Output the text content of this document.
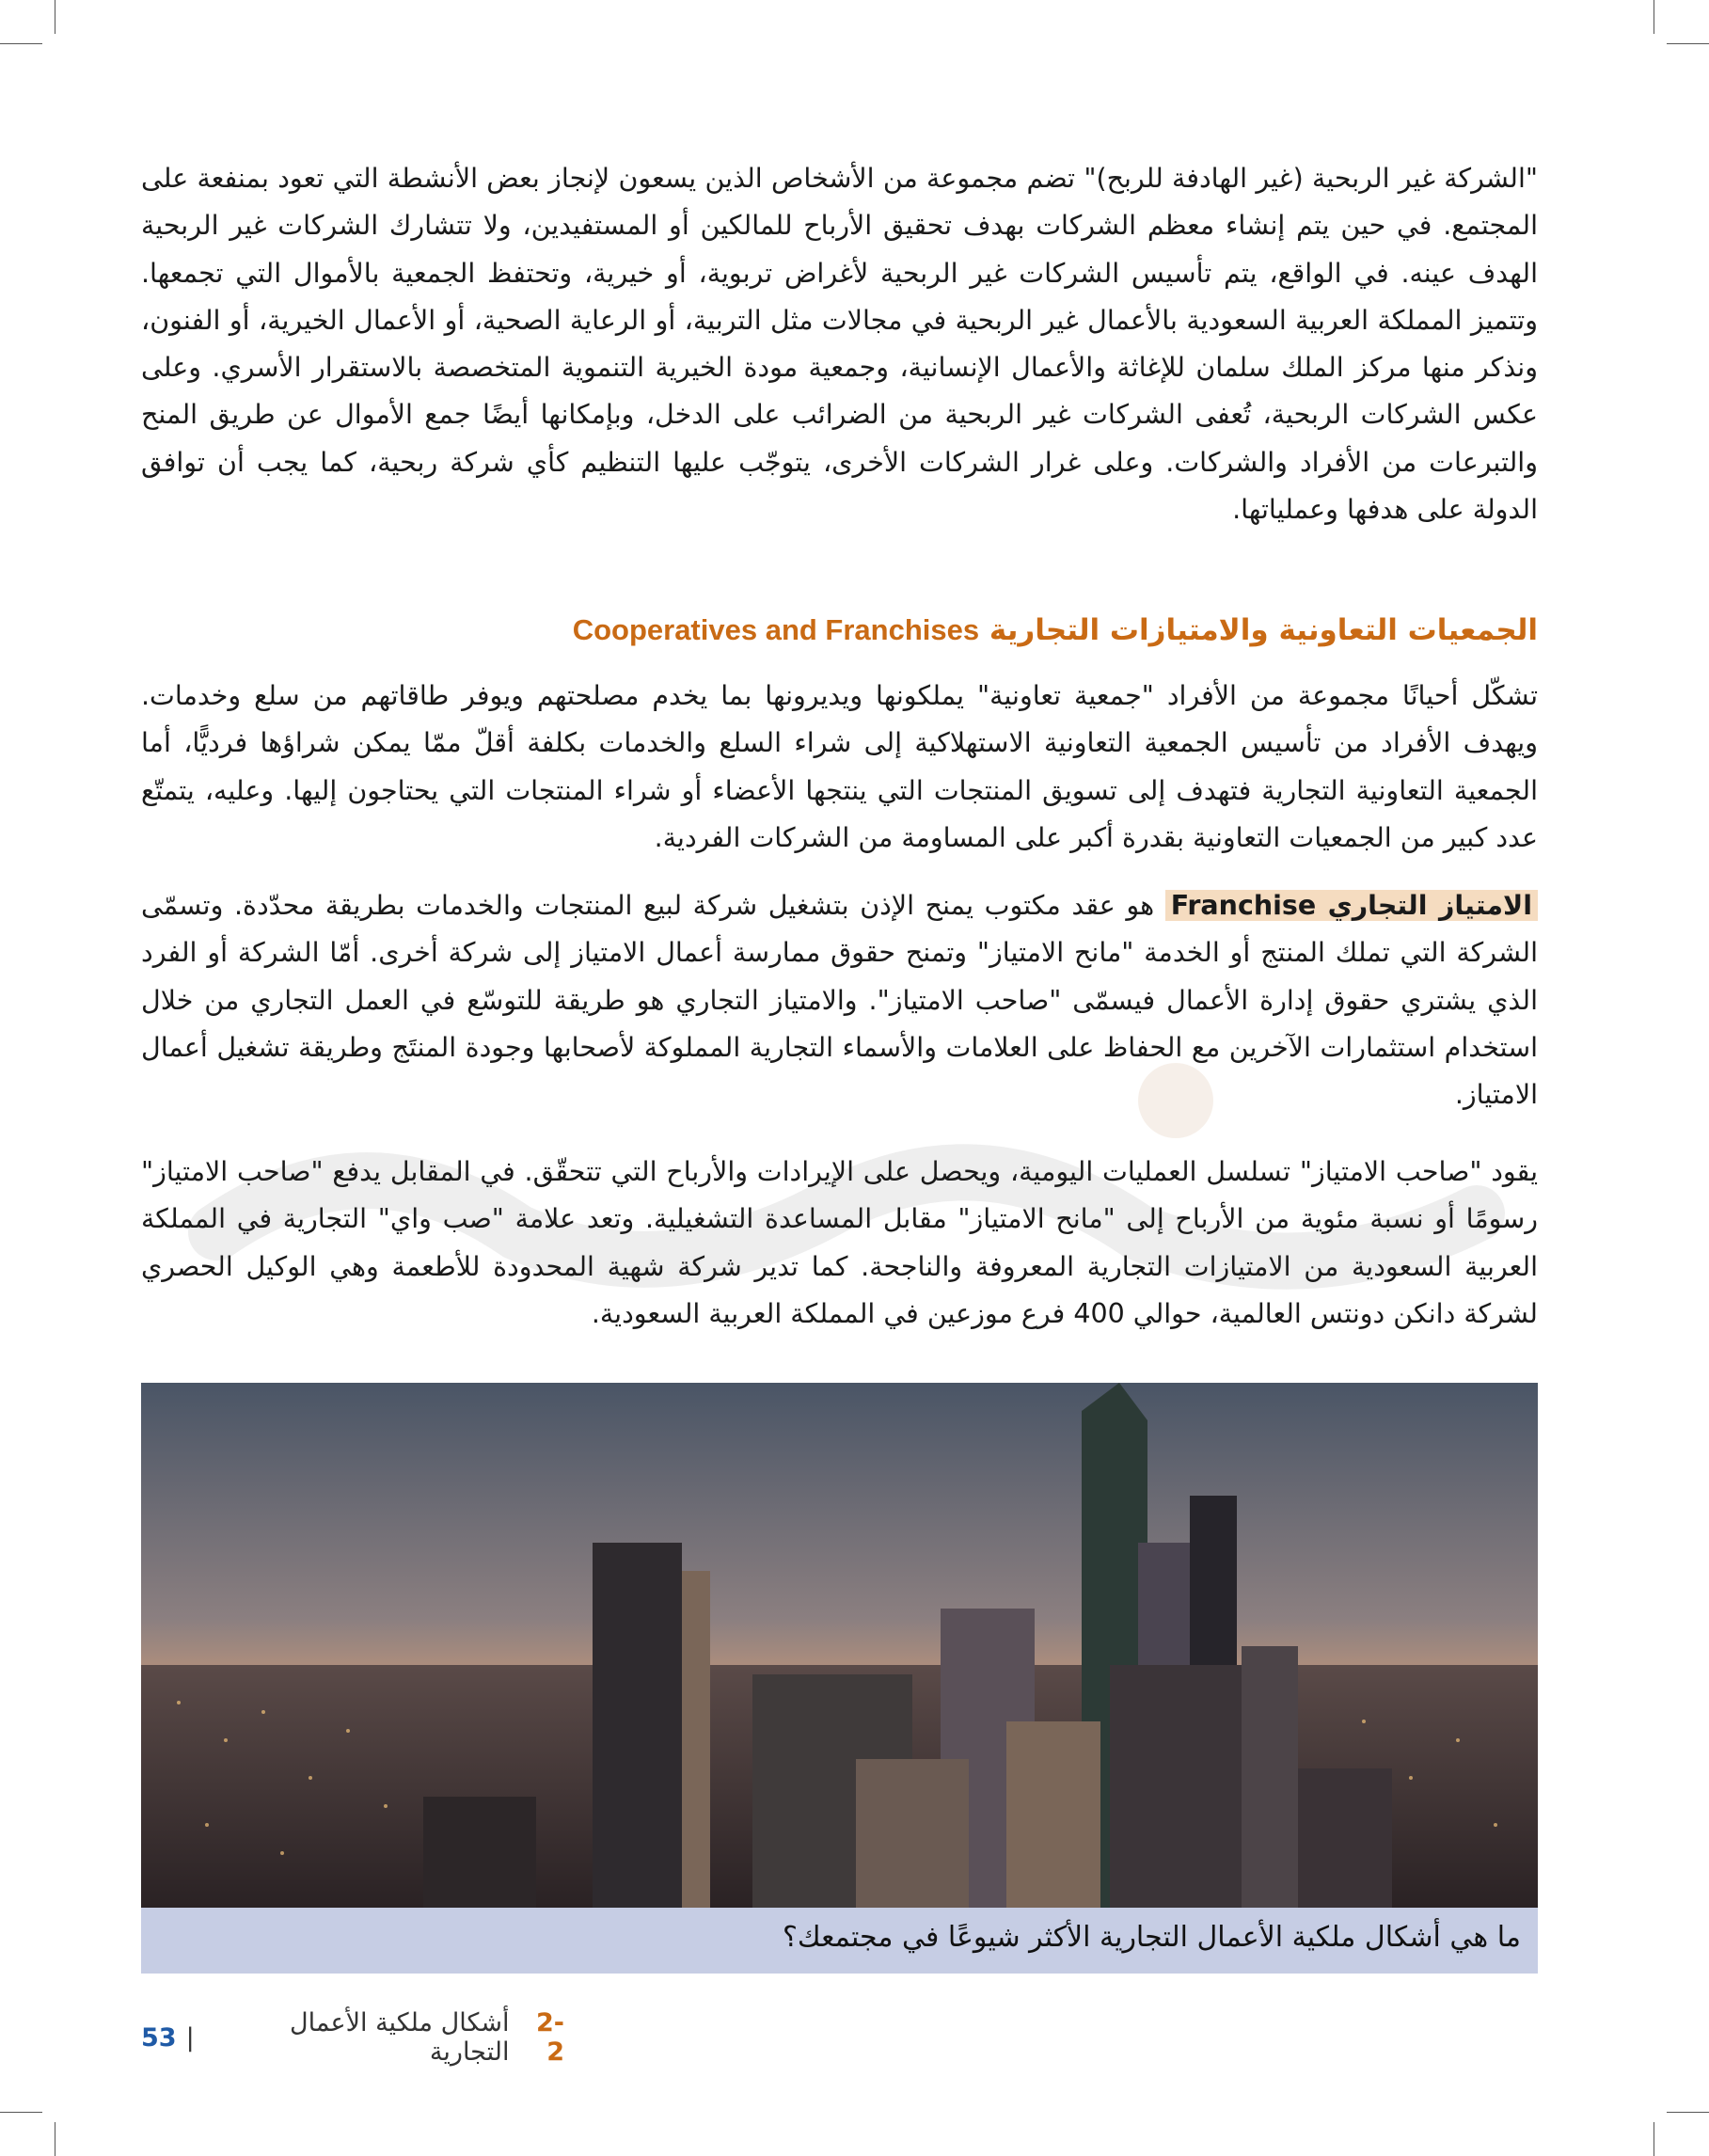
"الشركة غير الربحية (غير الهادفة للربح)" تضم مجموعة من الأشخاص الذين يسعون لإنجاز بعض الأنشطة التي تعود بمنفعة على المجتمع. في حين يتم إنشاء معظم الشركات بهدف تحقيق الأرباح للمالكين أو المستفيدين، ولا تتشارك الشركات غير الربحية الهدف عينه. في الواقع، يتم تأسيس الشركات غير الربحية لأغراض تربوية، أو خيرية، وتحتفظ الجمعية بالأموال التي تجمعها. وتتميز المملكة العربية السعودية بالأعمال غير الربحية في مجالات مثل التربية، أو الرعاية الصحية، أو الأعمال الخيرية، أو الفنون، ونذكر منها مركز الملك سلمان للإغاثة والأعمال الإنسانية، وجمعية مودة الخيرية التنموية المتخصصة بالاستقرار الأسري. وعلى عكس الشركات الربحية، تُعفى الشركات غير الربحية من الضرائب على الدخل، وبإمكانها أيضًا جمع الأموال عن طريق المنح والتبرعات من الأفراد والشركات. وعلى غرار الشركات الأخرى، يتوجّب عليها التنظيم كأي شركة ربحية، كما يجب أن توافق الدولة على هدفها وعملياتها.

الجمعيات التعاونية والامتيازات التجارية Cooperatives and Franchises

تشكّل أحيانًا مجموعة من الأفراد "جمعية تعاونية" يملكونها ويديرونها بما يخدم مصلحتهم ويوفر طاقاتهم من سلع وخدمات. ويهدف الأفراد من تأسيس الجمعية التعاونية الاستهلاكية إلى شراء السلع والخدمات بكلفة أقلّ ممّا يمكن شراؤها فرديًّا، أما الجمعية التعاونية التجارية فتهدف إلى تسويق المنتجات التي ينتجها الأعضاء أو شراء المنتجات التي يحتاجون إليها. وعليه، يتمتّع عدد كبير من الجمعيات التعاونية بقدرة أكبر على المساومة من الشركات الفردية.

الامتياز التجاري Franchise هو عقد مكتوب يمنح الإذن بتشغيل شركة لبيع المنتجات والخدمات بطريقة محدّدة. وتسمّى الشركة التي تملك المنتج أو الخدمة "مانح الامتياز" وتمنح حقوق ممارسة أعمال الامتياز إلى شركة أخرى. أمّا الشركة أو الفرد الذي يشتري حقوق إدارة الأعمال فيسمّى "صاحب الامتياز". والامتياز التجاري هو طريقة للتوسّع في العمل التجاري من خلال استخدام استثمارات الآخرين مع الحفاظ على العلامات والأسماء التجارية المملوكة لأصحابها وجودة المنتَج وطريقة تشغيل أعمال الامتياز.

يقود "صاحب الامتياز" تسلسل العمليات اليومية، ويحصل على الإيرادات والأرباح التي تتحقّق. في المقابل يدفع "صاحب الامتياز" رسومًا أو نسبة مئوية من الأرباح إلى "مانح الامتياز" مقابل المساعدة التشغيلية. وتعد علامة "صب واي" التجارية في المملكة العربية السعودية من الامتيازات التجارية المعروفة والناجحة. كما تدير شركة شهية المحدودة للأطعمة وهي الوكيل الحصري لشركة دانكن دونتس العالمية، حوالي 400 فرع موزعين في المملكة العربية السعودية.

ما هي أشكال ملكية الأعمال التجارية الأكثر شيوعًا في مجتمعك؟
2-2
أشكال ملكية الأعمال التجارية
|
53
